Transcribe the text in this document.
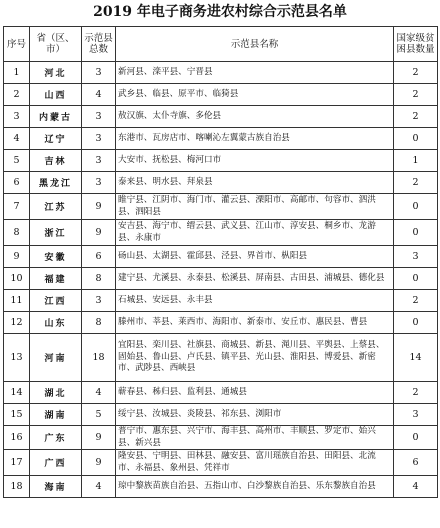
2019 年电子商务进农村综合示范县名单
序号	省（区、市）	示范县总数	示范县名称	国家级贫困县数量
1	河北	3	新河县、滦平县、宁晋县	2
2	山西	4	武乡县、临县、原平市、临猗县	2
3	内蒙古	3	敖汉旗、太仆寺旗、多伦县	2
4	辽宁	3	东港市、瓦房店市、喀喇沁左翼蒙古族自治县	0
5	吉林	3	大安市、抚松县、梅河口市	1
6	黑龙江	3	泰来县、明水县、拜泉县	2
7	江苏	9	睢宁县、江阴市、海门市、灌云县、溧阳市、高邮市、句容市、泗洪县、泗阳县	0
8	浙江	9	安吉县、海宁市、缙云县、武义县、江山市、淳安县、桐乡市、龙游县、永康市	0
9	安徽	6	砀山县、太湖县、霍邱县、泾县、界首市、枞阳县	3
10	福建	8	建宁县、尤溪县、永泰县、松溪县、屏南县、古田县、浦城县、德化县	0
11	江西	3	石城县、安远县、永丰县	2
12	山东	8	滕州市、莘县、莱西市、海阳市、新泰市、安丘市、惠民县、曹县	0
13	河南	18	宜阳县、栾川县、社旗县、商城县、新县、渑川县、平舆县、上蔡县、固始县、鲁山县、卢氏县、镇平县、光山县、淮阳县、博爱县、新密市、武陟县、西峡县	14
14	湖北	4	蕲春县、秭归县、监利县、通城县	2
15	湖南	5	绥宁县、汝城县、炎陵县、祁东县、浏阳市	3
16	广东	9	普宁市、惠东县、兴宁市、海丰县、高州市、丰顺县、罗定市、始兴县、新兴县	0
17	广西	9	隆安县、宁明县、田林县、融安县、富川瑶族自治县、田阳县、北流市、永福县、象州县、凭祥市	6
18	海南	4	琼中黎族苗族自治县、五指山市、白沙黎族自治县、乐东黎族自治县	4
